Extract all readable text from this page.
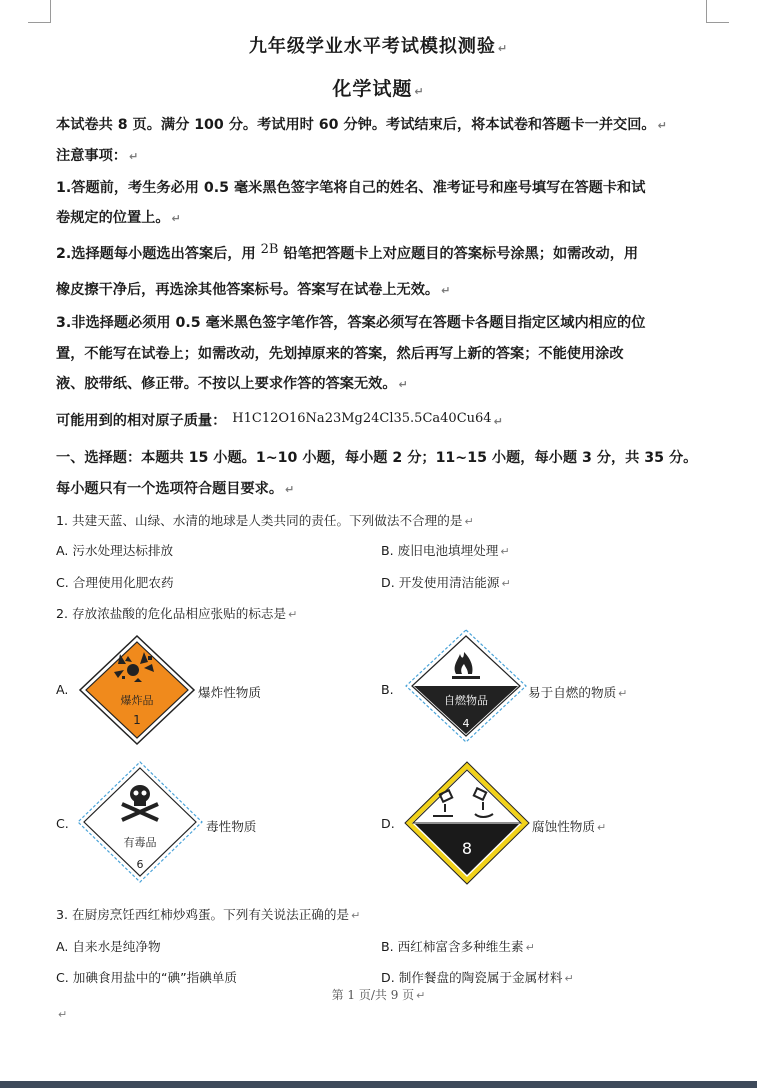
九年级学业水平考试模拟测验 ↵
化学试题 ↵
本试卷共 8 页。满分 100 分。考试用时 60 分钟。考试结束后，将本试卷和答题卡一并交回。 ↵
注意事项： ↵
1.答题前，考生务必用 0.5 毫米黑色签字笔将自己的姓名、准考证号和座号填写在答题卡和试
卷规定的位置上。 ↵
2.选择题每小题选出答案后，用 2B 铅笔把答题卡上对应题目的答案标号涂黑；如需改动，用
橡皮擦干净后，再选涂其他答案标号。答案写在试卷上无效。 ↵
3.非选择题必须用 0.5 毫米黑色签字笔作答，答案必须写在答题卡各题目指定区域内相应的位
置，不能写在试卷上；如需改动，先划掉原来的答案，然后再写上新的答案；不能使用涂改
液、胶带纸、修正带。不按以上要求作答的答案无效。 ↵
可能用到的相对原子质量： H1C12O16Na23Mg24Cl35.5Ca40Cu64 ↵
一、选择题：本题共 15 小题。1~10 小题，每小题 2 分；11~15 小题，每小题 3 分，共 35 分。
每小题只有一个选项符合题目要求。 ↵
1. 共建天蓝、山绿、水清的地球是人类共同的责任。下列做法不合理的是 ↵
A. 污水处理达标排放	B. 废旧电池填埋处理 ↵
C. 合理使用化肥农药	D. 开发使用清洁能源 ↵
2. 存放浓盐酸的危化品相应张贴的标志是 ↵
A.
爆炸品
1
爆炸性物质	B.
自燃物品
4
易于自燃的物质 ↵
C.
有毒品
6
毒性物质	D.
8
腐蚀性物质 ↵
3. 在厨房烹饪西红柿炒鸡蛋。下列有关说法正确的是 ↵
A. 自来水是纯净物	B. 西红柿富含多种维生素 ↵
C. 加碘食用盐中的“碘”指碘单质	D. 制作餐盘的陶瓷属于金属材料 ↵
第 1 页/共 9 页 ↵
↵
